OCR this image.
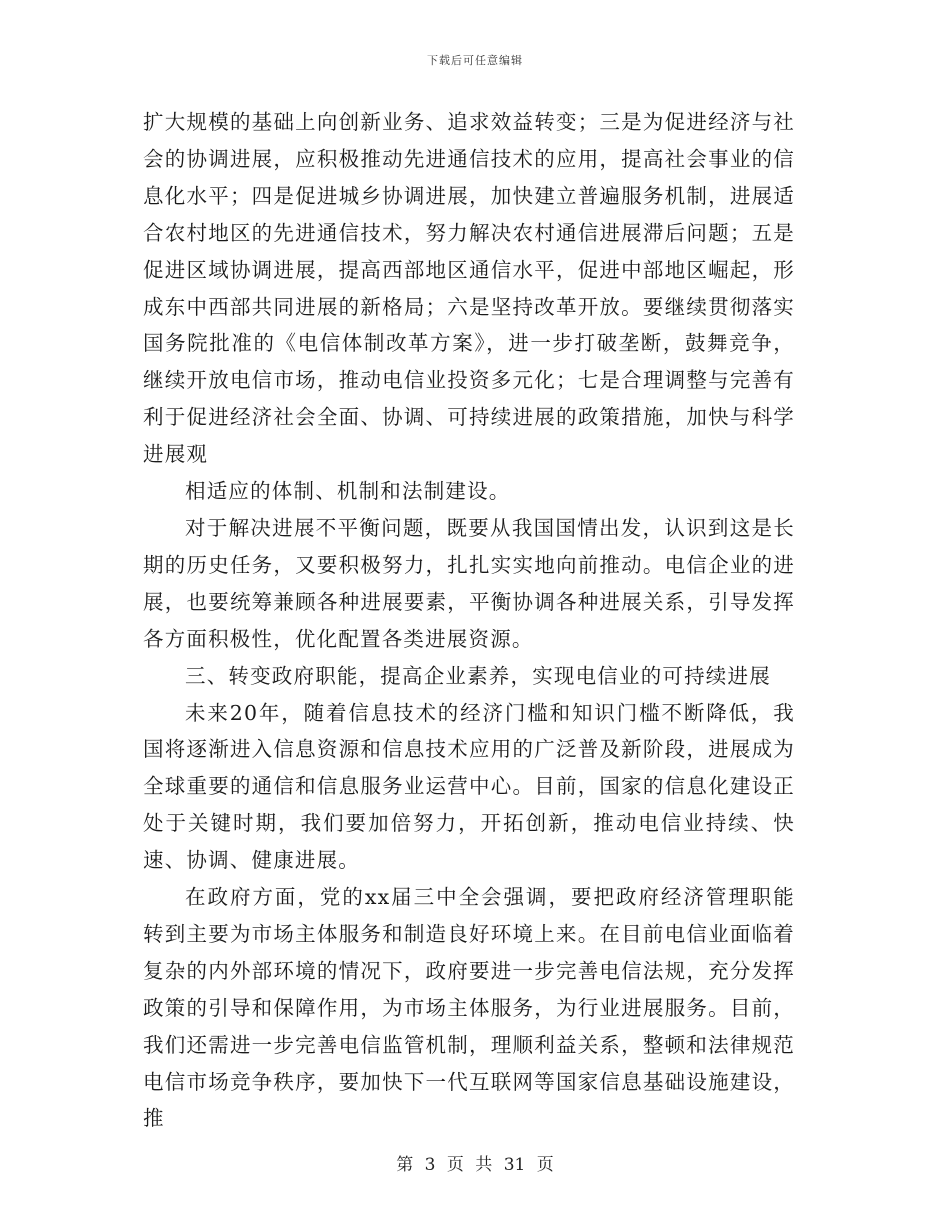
下载后可任意编辑

扩大规模的基础上向创新业务、追求效益转变；三是为促进经济与社会的协调进展，应积极推动先进通信技术的应用，提高社会事业的信息化水平；四是促进城乡协调进展，加快建立普遍服务机制，进展适合农村地区的先进通信技术，努力解决农村通信进展滞后问题；五是促进区域协调进展，提高西部地区通信水平，促进中部地区崛起，形成东中西部共同进展的新格局；六是坚持改革开放。要继续贯彻落实国务院批准的《电信体制改革方案》，进一步打破垄断，鼓舞竞争，继续开放电信市场，推动电信业投资多元化；七是合理调整与完善有利于促进经济社会全面、协调、可持续进展的政策措施，加快与科学进展观

相适应的体制、机制和法制建设。

对于解决进展不平衡问题，既要从我国国情出发，认识到这是长期的历史任务，又要积极努力，扎扎实实地向前推动。电信企业的进展，也要统筹兼顾各种进展要素，平衡协调各种进展关系，引导发挥各方面积极性，优化配置各类进展资源。

三、转变政府职能，提高企业素养，实现电信业的可持续进展

未来20年，随着信息技术的经济门槛和知识门槛不断降低，我国将逐渐进入信息资源和信息技术应用的广泛普及新阶段，进展成为全球重要的通信和信息服务业运营中心。目前，国家的信息化建设正处于关键时期，我们要加倍努力，开拓创新，推动电信业持续、快速、协调、健康进展。

在政府方面，党的xx届三中全会强调，要把政府经济管理职能转到主要为市场主体服务和制造良好环境上来。在目前电信业面临着复杂的内外部环境的情况下，政府要进一步完善电信法规，充分发挥政策的引导和保障作用，为市场主体服务，为行业进展服务。目前，我们还需进一步完善电信监管机制，理顺利益关系，整顿和法律规范电信市场竞争秩序，要加快下一代互联网等国家信息基础设施建设，推

第 3 页 共 31 页
